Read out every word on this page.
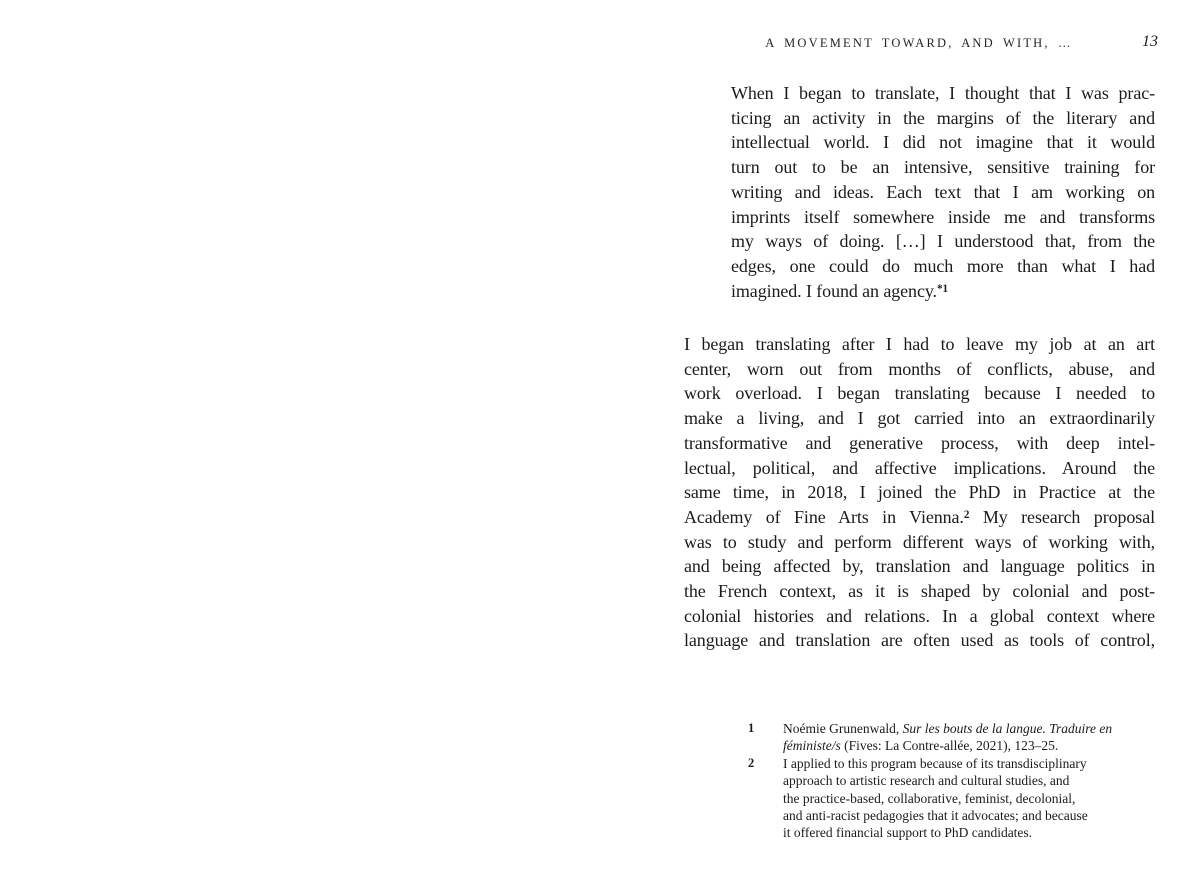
A MOVEMENT TOWARD, AND WITH, …	13
When I began to translate, I thought that I was prac-
ticing an activity in the margins of the literary and
intellectual world. I did not imagine that it would
turn out to be an intensive, sensitive training for
writing and ideas. Each text that I am working on
imprints itself somewhere inside me and transforms
my ways of doing. […] I understood that, from the
edges, one could do much more than what I had
imagined. I found an agency.$^{*1}$
I began translating after I had to leave my job at an art
center, worn out from months of conflicts, abuse, and
work overload. I began translating because I needed to
make a living, and I got carried into an extraordinarily
transformative and generative process, with deep intel-
lectual, political, and affective implications. Around the
same time, in 2018, I joined the PhD in Practice at the
Academy of Fine Arts in Vienna.$^2$ My research proposal
was to study and perform different ways of working with,
and being affected by, translation and language politics in
the French context, as it is shaped by colonial and post-
colonial histories and relations. In a global context where
language and translation are often used as tools of control,
1	Noémie Grunenwald, Sur les bouts de la langue. Traduire en
féministe/s (Fives: La Contre-allée, 2021), 123–25.
2	I applied to this program because of its transdisciplinary
approach to artistic research and cultural studies, and
the practice-based, collaborative, feminist, decolonial,
and anti-racist pedagogies that it advocates; and because
it offered financial support to PhD candidates.
